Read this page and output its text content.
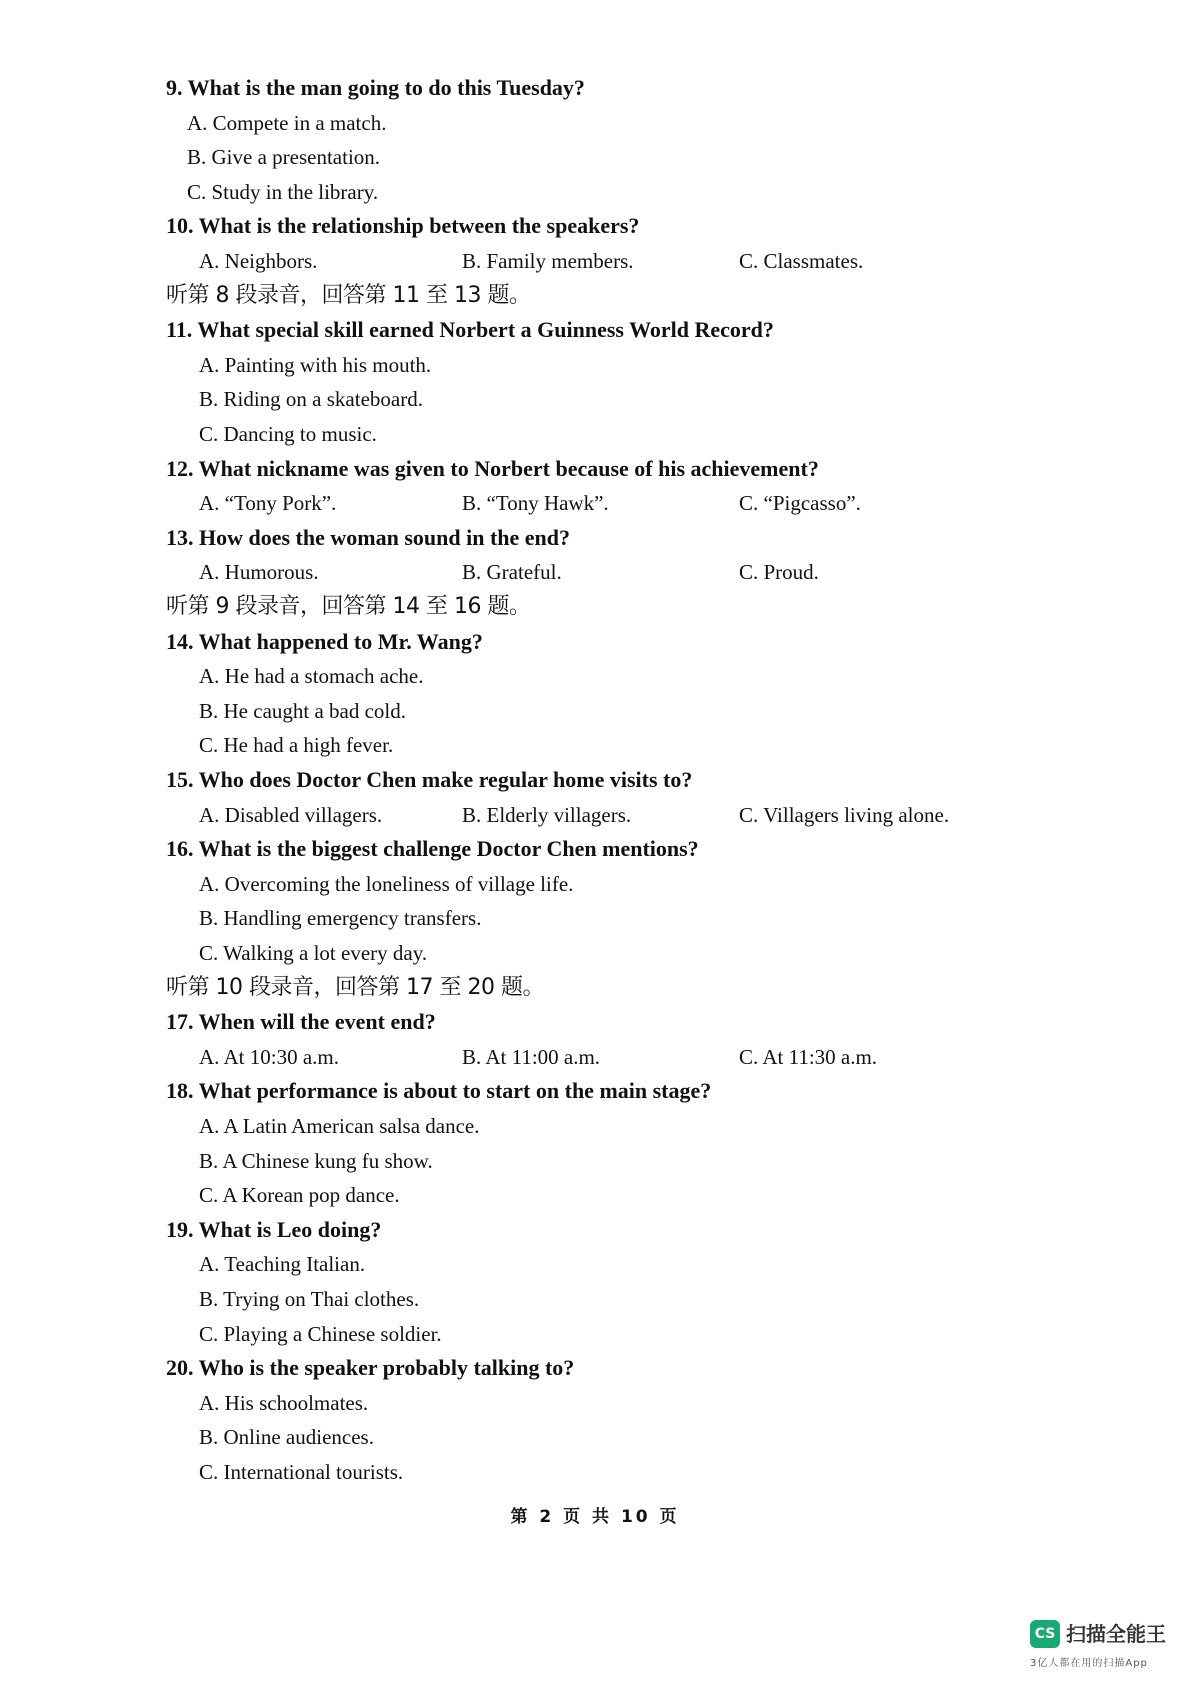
9. What is the man going to do this Tuesday?
A. Compete in a match.
B. Give a presentation.
C. Study in the library.
10. What is the relationship between the speakers?
A. Neighbors.	B. Family members.	C. Classmates.
听第 8 段录音，回答第 11 至 13 题。
11. What special skill earned Norbert a Guinness World Record?
A. Painting with his mouth.
B. Riding on a skateboard.
C. Dancing to music.
12. What nickname was given to Norbert because of his achievement?
A. “Tony Pork”.	B. “Tony Hawk”.	C. “Pigcasso”.
13. How does the woman sound in the end?
A. Humorous.	B. Grateful.	C. Proud.
听第 9 段录音，回答第 14 至 16 题。
14. What happened to Mr. Wang?
A. He had a stomach ache.
B. He caught a bad cold.
C. He had a high fever.
15. Who does Doctor Chen make regular home visits to?
A. Disabled villagers.	B. Elderly villagers.	C. Villagers living alone.
16. What is the biggest challenge Doctor Chen mentions?
A. Overcoming the loneliness of village life.
B. Handling emergency transfers.
C. Walking a lot every day.
听第 10 段录音，回答第 17 至 20 题。
17. When will the event end?
A. At 10:30 a.m.	B. At 11:00 a.m.	C. At 11:30 a.m.
18. What performance is about to start on the main stage?
A. A Latin American salsa dance.
B. A Chinese kung fu show.
C. A Korean pop dance.
19. What is Leo doing?
A. Teaching Italian.
B. Trying on Thai clothes.
C. Playing a Chinese soldier.
20. Who is the speaker probably talking to?
A. His schoolmates.
B. Online audiences.
C. International tourists.
第 2 页 共 10 页
CS 扫描全能王
3亿人都在用的扫描App
